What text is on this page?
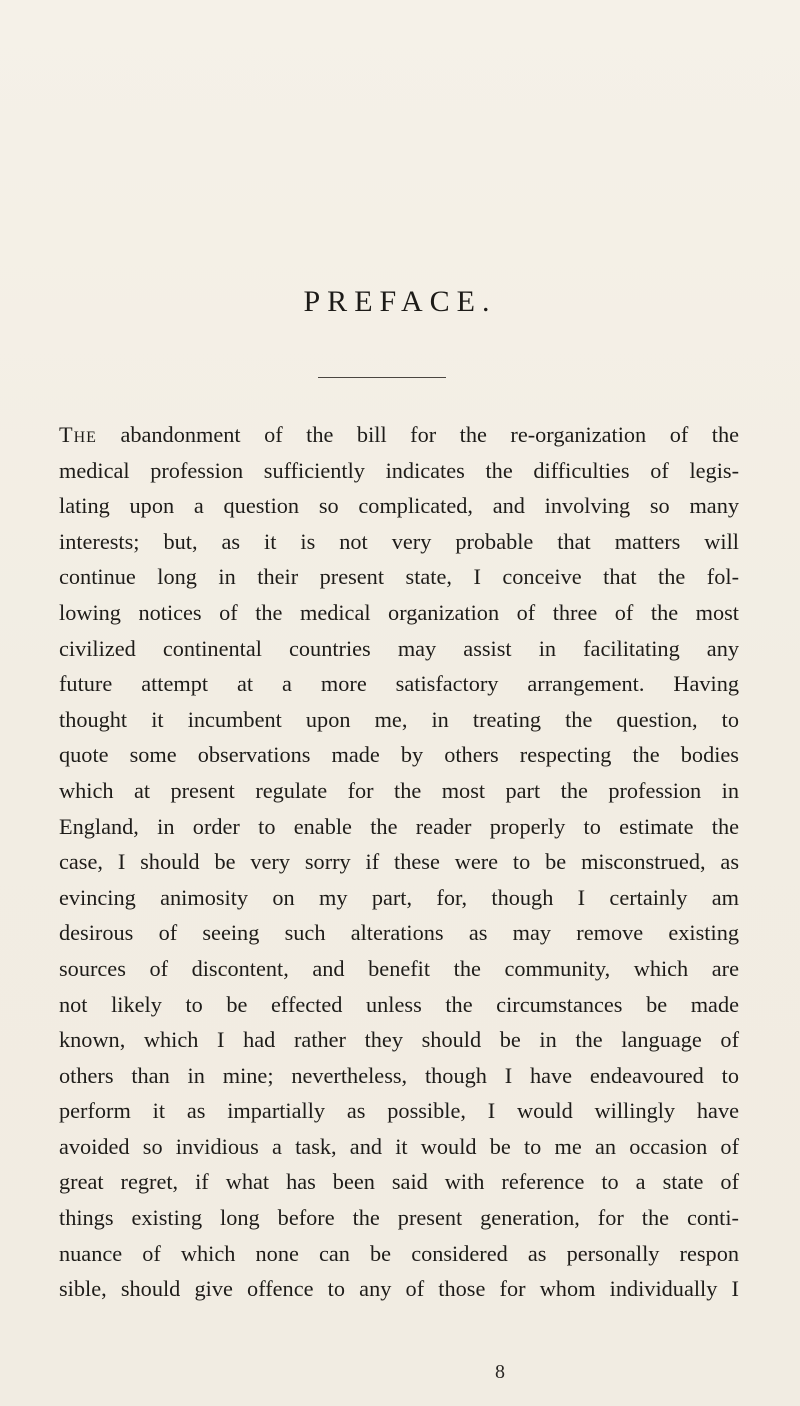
PREFACE.
The abandonment of the bill for the re-organization of the
medical profession sufficiently indicates the difficulties of legis-
lating upon a question so complicated, and involving so many
interests; but, as it is not very probable that matters will
continue long in their present state, I conceive that the fol-
lowing notices of the medical organization of three of the most
civilized continental countries may assist in facilitating any
future attempt at a more satisfactory arrangement. Having
thought it incumbent upon me, in treating the question, to
quote some observations made by others respecting the bodies
which at present regulate for the most part the profession in
England, in order to enable the reader properly to estimate the
case, I should be very sorry if these were to be misconstrued, as
evincing animosity on my part, for, though I certainly am
desirous of seeing such alterations as may remove existing
sources of discontent, and benefit the community, which are
not likely to be effected unless the circumstances be made
known, which I had rather they should be in the language of
others than in mine; nevertheless, though I have endeavoured to
perform it as impartially as possible, I would willingly have
avoided so invidious a task, and it would be to me an occasion of
great regret, if what has been said with reference to a state of
things existing long before the present generation, for the conti-
nuance of which none can be considered as personally respon
sible, should give offence to any of those for whom individually I
8
